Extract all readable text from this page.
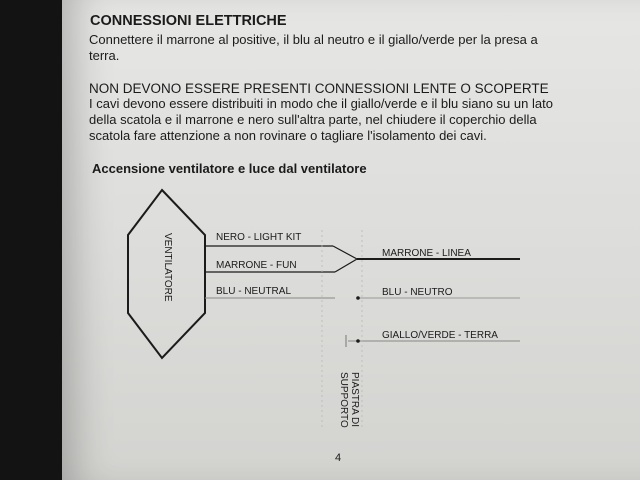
CONNESSIONI ELETTRICHE
Connettere il marrone al positive, il blu al neutro e il giallo/verde per la presa a
terra.
NON DEVONO ESSERE PRESENTI CONNESSIONI LENTE O SCOPERTE
I cavi devono essere distribuiti in modo che il giallo/verde e il blu siano su un lato
della scatola e il marrone e nero sull'altra parte, nel chiudere il coperchio della
scatola fare attenzione a non rovinare o tagliare l'isolamento dei cavi.
Accensione ventilatore e luce dal ventilatore
VENTILATORE	NERO - LIGHT KIT
MARRONE - FUN
BLU - NEUTRAL
MARRONE - LINEA
BLU - NEUTRO
GIALLO/VERDE - TERRA
PIASTRA DI
SUPPORTO
4
